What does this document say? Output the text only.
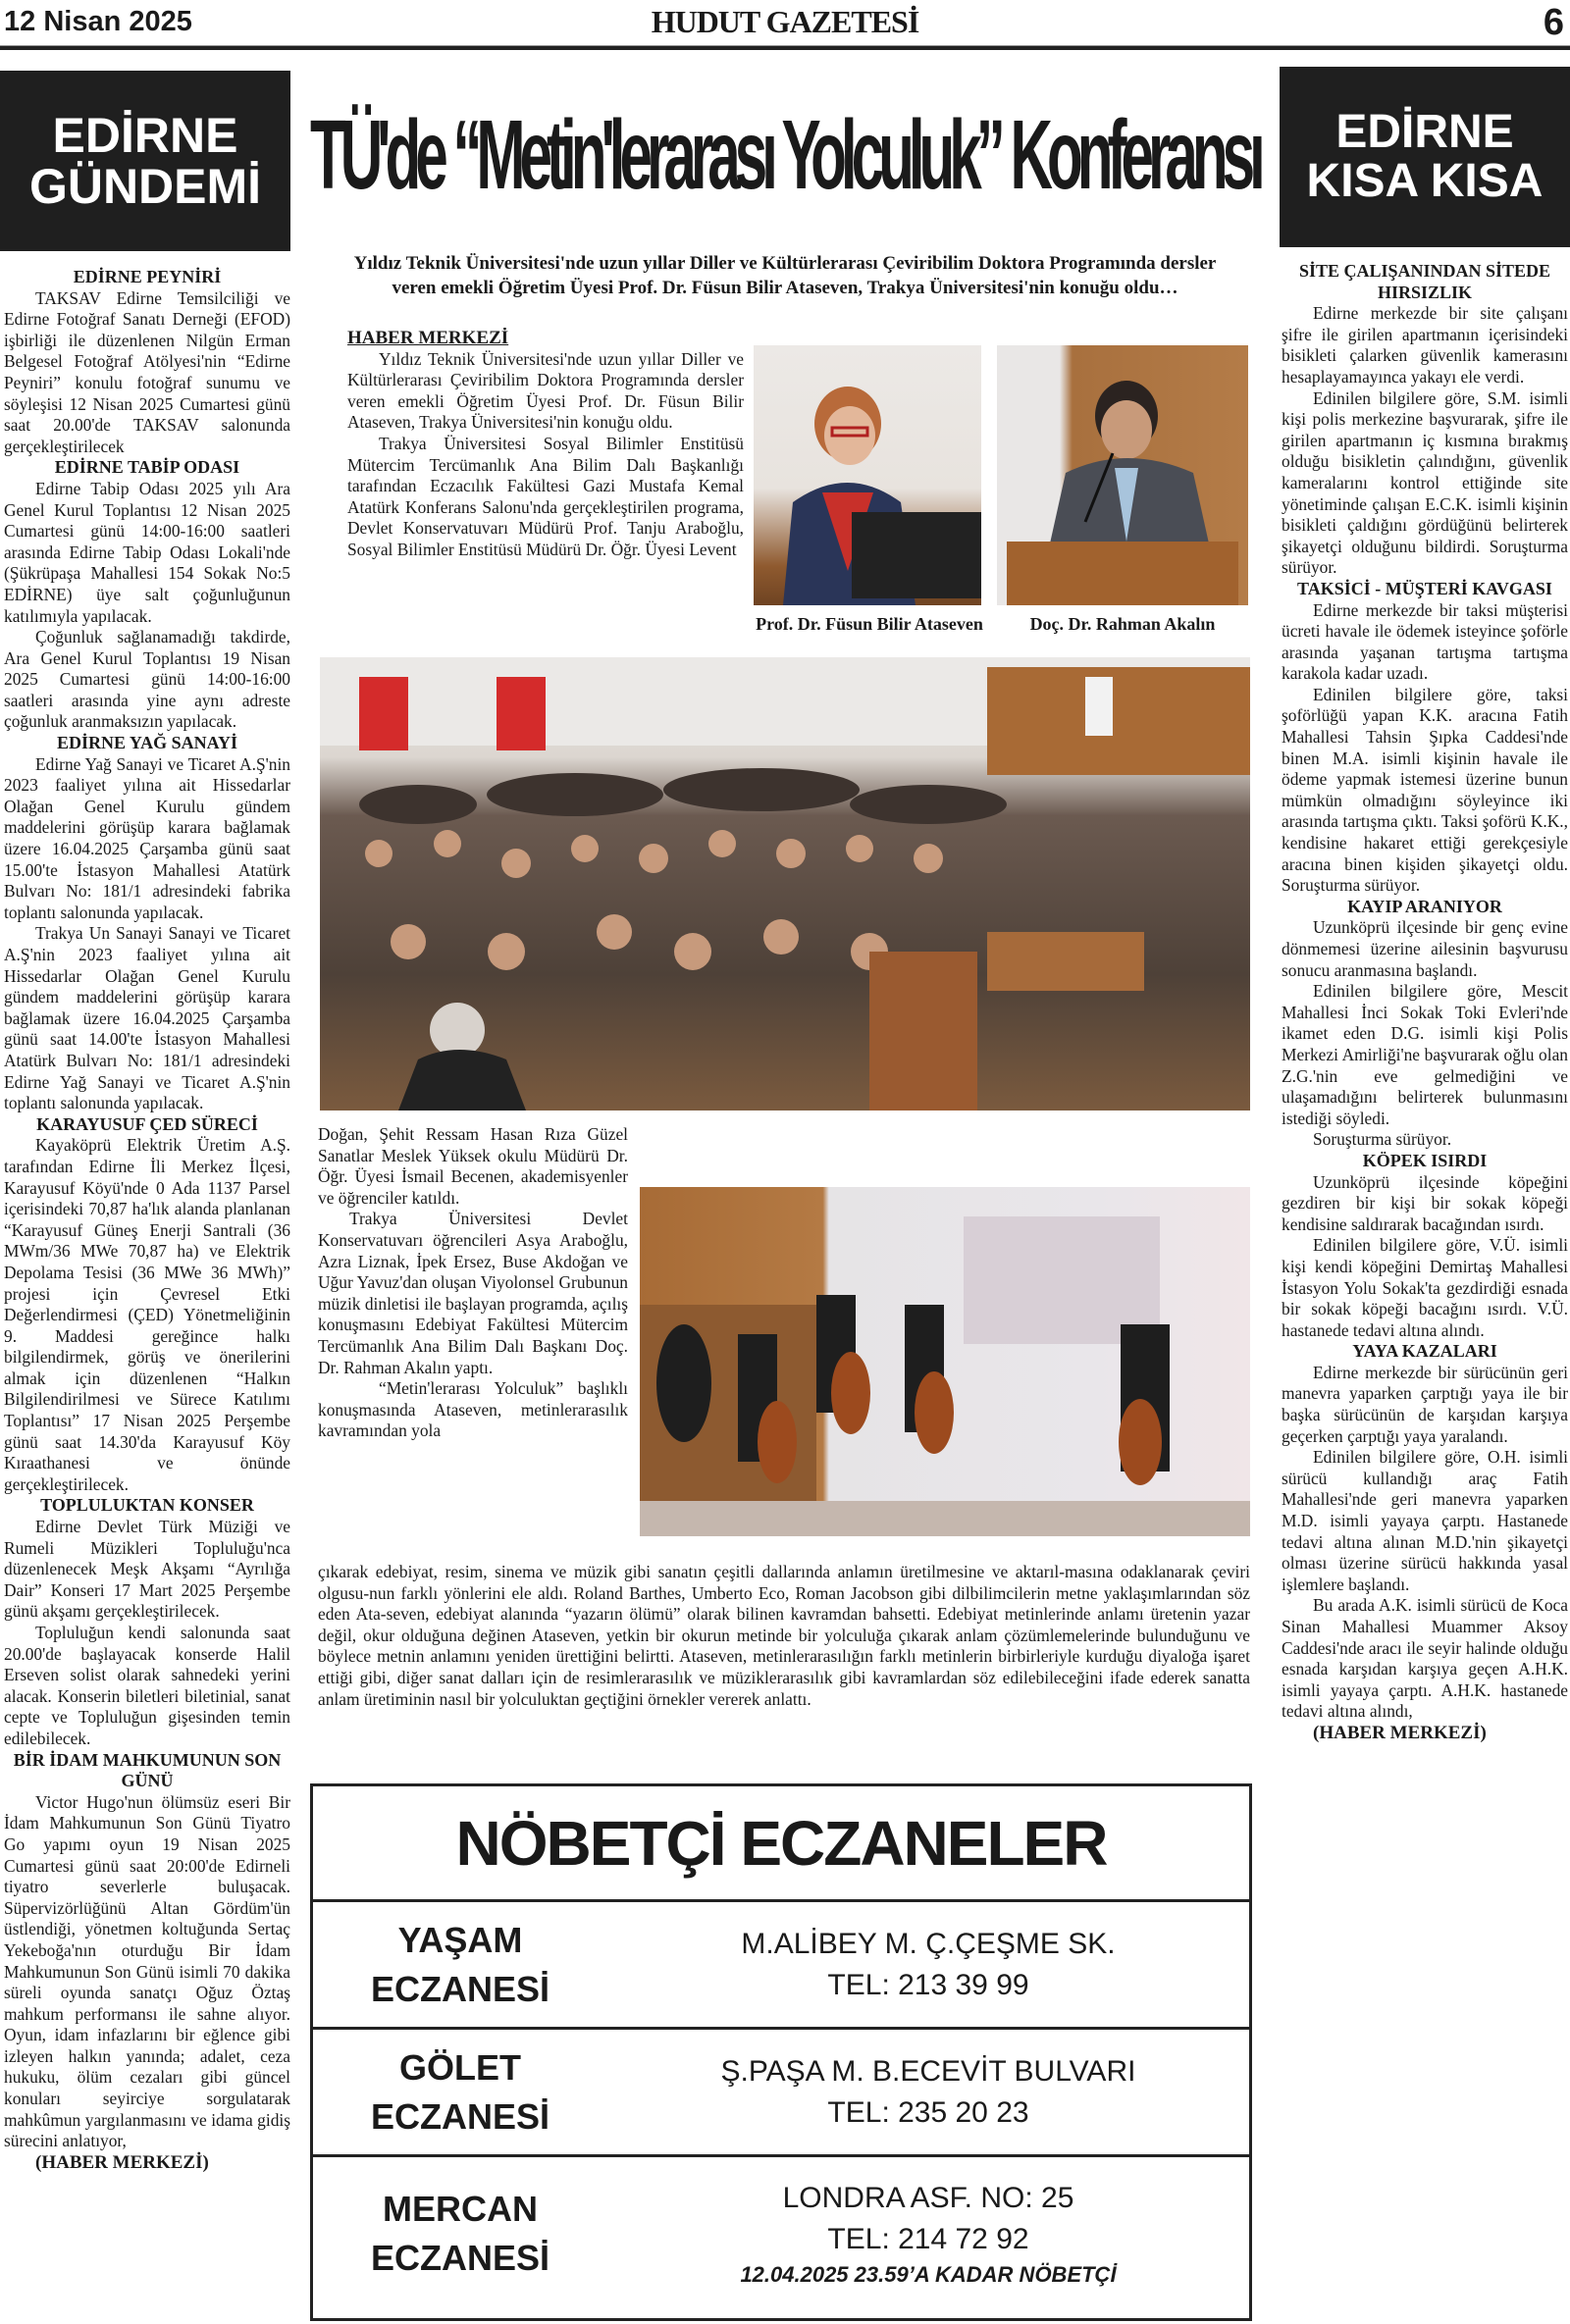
12 Nisan 2025	HUDUT GAZETESİ	6
EDİRNE
GÜNDEMİ
EDİRNE
KISA KISA
TÜ'de “Metin'lerarası Yolculuk” Konferansı
Yıldız Teknik Üniversitesi'nde uzun yıllar Diller ve Kültürlerarası Çeviribilim Doktora Programında dersler veren emekli Öğretim Üyesi Prof. Dr. Füsun Bilir Ataseven, Trakya Üniversitesi'nin konuğu oldu…
EDİRNE PEYNİRİ

TAKSAV Edirne Temsilciliği ve Edirne Fotoğraf Sanatı Derneği (EFOD) işbirliği ile düzenlenen Nilgün Erman Belgesel Fotoğraf Atölyesi'nin “Edirne Peyniri” konulu fotoğraf sunumu ve söyleşisi 12 Nisan 2025 Cumartesi günü saat 20.00'de TAKSAV salonunda gerçekleştirilecek

EDİRNE TABİP ODASI

Edirne Tabip Odası 2025 yılı Ara Genel Kurul Toplantısı 12 Nisan 2025 Cumartesi günü 14:00-16:00 saatleri arasında Edirne Tabip Odası Lokali'nde (Şükrüpaşa Mahallesi 154 Sokak No:5 EDİRNE) üye salt çoğunluğunun katılımıyla yapılacak.

Çoğunluk sağlanamadığı takdirde, Ara Genel Kurul Toplantısı 19 Nisan 2025 Cumartesi günü 14:00-16:00 saatleri arasında yine aynı adreste çoğunluk aranmaksızın yapılacak.

EDİRNE YAĞ SANAYİ

Edirne Yağ Sanayi ve Ticaret A.Ş'nin 2023 faaliyet yılına ait Hissedarlar Olağan Genel Kurulu gündem maddelerini görüşüp karara bağlamak üzere 16.04.2025 Çarşamba günü saat 15.00'te İstasyon Mahallesi Atatürk Bulvarı No: 181/1 adresindeki fabrika toplantı salonunda yapılacak.

Trakya Un Sanayi Sanayi ve Ticaret A.Ş'nin 2023 faaliyet yılına ait Hissedarlar Olağan Genel Kurulu gündem maddelerini görüşüp karara bağlamak üzere 16.04.2025 Çarşamba günü saat 14.00'te İstasyon Mahallesi Atatürk Bulvarı No: 181/1 adresindeki Edirne Yağ Sanayi ve Ticaret A.Ş'nin toplantı salonunda yapılacak.

KARAYUSUF ÇED SÜRECİ

Kayaköprü Elektrik Üretim A.Ş. tarafından Edirne İli Merkez İlçesi, Karayusuf Köyü'nde 0 Ada 1137 Parsel içerisindeki 70,87 ha'lık alanda planlanan “Karayusuf Güneş Enerji Santrali (36 MWm/36 MWe 70,87 ha) ve Elektrik Depolama Tesisi (36 MWe 36 MWh)” projesi için Çevresel Etki Değerlendirmesi (ÇED) Yönetmeliğinin 9. Maddesi gereğince halkı bilgilendirmek, görüş ve önerilerini almak için düzenlenen “Halkın Bilgilendirilmesi ve Sürece Katılımı Toplantısı” 17 Nisan 2025 Perşembe günü saat 14.30'da Karayusuf Köy Kıraathanesi ve önünde gerçekleştirilecek.

TOPLULUKTAN KONSER

Edirne Devlet Türk Müziği ve Rumeli Müzikleri Topluluğu'nca düzenlenecek Meşk Akşamı “Ayrılığa Dair” Konseri 17 Mart 2025 Perşembe günü akşamı gerçekleştirilecek.

Topluluğun kendi salonunda saat 20.00'de başlayacak konserde Halil Erseven solist olarak sahnedeki yerini alacak. Konserin biletleri biletinial, sanat cepte ve Topluluğun gişesinden temin edilebilecek.

BİR İDAM MAHKUMUNUN SON GÜNÜ

Victor Hugo'nun ölümsüz eseri Bir İdam Mahkumunun Son Günü Tiyatro Go yapımı oyun 19 Nisan 2025 Cumartesi günü saat 20:00'de Edirneli tiyatro severlerle buluşacak. Süpervizörlüğünü Altan Gördüm'ün üstlendiği, yönetmen koltuğunda Sertaç Yekeboğa'nın oturduğu Bir İdam Mahkumunun Son Günü isimli 70 dakika süreli oyunda sanatçı Oğuz Öztaş mahkum performansı ile sahne alıyor. Oyun, idam infazlarını bir eğlence gibi izleyen halkın yanında; adalet, ceza hukuku, ölüm cezaları gibi güncel konuları seyirciye sorgulatarak mahkûmun yargılanmasını ve idama gidiş sürecini anlatıyor,

(HABER MERKEZİ)
HABER MERKEZİ

Yıldız Teknik Üniversitesi'nde uzun yıllar Diller ve Kültürlerarası Çeviribilim Doktora Programında dersler veren emekli Öğretim Üyesi Prof. Dr. Füsun Bilir Ataseven, Trakya Üniversitesi'nin konuğu oldu.

Trakya Üniversitesi Sosyal Bilimler Enstitüsü Mütercim Tercümanlık Ana Bilim Dalı Başkanlığı tarafından Eczacılık Fakültesi Gazi Mustafa Kemal Atatürk Konferans Salonu'nda gerçekleştirilen programa, Devlet Konservatuvarı Müdürü Prof. Tanju Araboğlu, Sosyal Bilimler Enstitüsü Müdürü Dr. Öğr. Üyesi Levent

Prof. Dr. Füsun Bilir Ataseven	Doç. Dr. Rahman Akalın

Doğan, Şehit Ressam Hasan Rıza Güzel Sanatlar Meslek Yüksek okulu Müdürü Dr. Öğr. Üyesi İsmail Becenen, akademisyenler ve öğrenciler katıldı.

Trakya Üniversitesi Devlet Konservatuvarı öğrencileri Asya Araboğlu, Azra Liznak, İpek Ersez, Buse Akdoğan ve Uğur Yavuz'dan oluşan Viyolonsel Grubunun müzik dinletisi ile başlayan programda, açılış konuşmasını Edebiyat Fakültesi Mütercim Tercümanlık Ana Bilim Dalı Başkanı Doç. Dr. Rahman Akalın yaptı.

“Metin'lerarası Yolculuk” başlıklı konuşmasında Ataseven, metinlerarasılık kavramından yola

çıkarak edebiyat, resim, sinema ve müzik gibi sanatın çeşitli dallarında anlamın üretilmesine ve aktarıl-masına odaklanarak çeviri olgusu-nun farklı yönlerini ele aldı. Roland Barthes, Umberto Eco, Roman Jacobson gibi dilbilimcilerin metne yaklaşımlarından söz eden Ata-seven, edebiyat alanında “yazarın ölümü” olarak bilinen kavramdan bahsetti. Edebiyat metinlerinde anlamı üretenin yazar değil, okur olduğuna değinen Ataseven, yetkin bir okurun metinde bir yolculuğa çıkarak anlam çözümlemelerinde bulunduğunu ve böylece metnin anlamını yeniden ürettiğini belirtti. Ataseven, metinlerarasılığın farklı metinlerin birbirleriyle kurduğu diyaloğa işaret ettiği gibi, diğer sanat dalları için de resimlerarasılık ve müziklerarasılık gibi kavramlardan söz edilebileceğini ifade ederek sanatta anlam üretiminin nasıl bir yolculuktan geçtiğini örnekler vererek anlattı.

NÖBETÇİ ECZANELER
YAŞAM
ECZANESİ
M.ALİBEY M. Ç.ÇEŞME SK.
TEL: 213 39 99
GÖLET
ECZANESİ
Ş.PAŞA M. B.ECEVİT BULVARI
TEL: 235 20 23
MERCAN
ECZANESİ
LONDRA ASF. NO: 25
TEL: 214 72 92
12.04.2025 23.59’A KADAR NÖBETÇİ
SİTE ÇALIŞANINDAN SİTEDE HIRSIZLIK

Edirne merkezde bir site çalışanı şifre ile girilen apartmanın içerisindeki bisikleti çalarken güvenlik kamerasını hesaplayamayınca yakayı ele verdi.

Edinilen bilgilere göre, S.M. isimli kişi polis merkezine başvurarak, şifre ile girilen apartmanın iç kısmına bırakmış olduğu bisikletin çalındığını, güvenlik kameralarını kontrol ettiğinde site yönetiminde çalışan E.C.K. isimli kişinin bisikleti çaldığını gördüğünü belirterek şikayetçi olduğunu bildirdi. Soruşturma sürüyor.

TAKSİCİ - MÜŞTERİ KAVGASI

Edirne merkezde bir taksi müşterisi ücreti havale ile ödemek isteyince şoförle arasında yaşanan tartışma tartışma karakola kadar uzadı.

Edinilen bilgilere göre, taksi şoförlüğü yapan K.K. aracına Fatih Mahallesi Tahsin Şıpka Caddesi'nde binen M.A. isimli kişinin havale ile ödeme yapmak istemesi üzerine bunun mümkün olmadığını söyleyince iki arasında tartışma çıktı. Taksi şoförü K.K., kendisine hakaret ettiği gerekçesiyle aracına binen kişiden şikayetçi oldu. Soruşturma sürüyor.

KAYIP ARANIYOR

Uzunköprü ilçesinde bir genç evine dönmemesi üzerine ailesinin başvurusu sonucu aranmasına başlandı.

Edinilen bilgilere göre, Mescit Mahallesi İnci Sokak Toki Evleri'nde ikamet eden D.G. isimli kişi Polis Merkezi Amirliği'ne başvurarak oğlu olan Z.G.'nin eve gelmediğini ve ulaşamadığını belirterek bulunmasını istediği söyledi.

Soruşturma sürüyor.

KÖPEK ISIRDI

Uzunköprü ilçesinde köpeğini gezdiren bir kişi bir sokak köpeği kendisine saldırarak bacağından ısırdı.

Edinilen bilgilere göre, V.Ü. isimli kişi kendi köpeğini Demirtaş Mahallesi İstasyon Yolu Sokak'ta gezdirdiği esnada bir sokak köpeği bacağını ısırdı. V.Ü. hastanede tedavi altına alındı.

YAYA KAZALARI

Edirne merkezde bir sürücünün geri manevra yaparken çarptığı yaya ile bir başka sürücünün de karşıdan karşıya geçerken çarptığı yaya yaralandı.

Edinilen bilgilere göre, O.H. isimli sürücü kullandığı araç Fatih Mahallesi'nde geri manevra yaparken M.D. isimli yayaya çarptı. Hastanede tedavi altına alınan M.D.'nin şikayetçi olması üzerine sürücü hakkında yasal işlemlere başlandı.

Bu arada A.K. isimli sürücü de Koca Sinan Mahallesi Muammer Aksoy Caddesi'nde aracı ile seyir halinde olduğu esnada karşıdan karşıya geçen A.H.K. isimli yayaya çarptı. A.H.K. hastanede tedavi altına alındı,

(HABER MERKEZİ)
